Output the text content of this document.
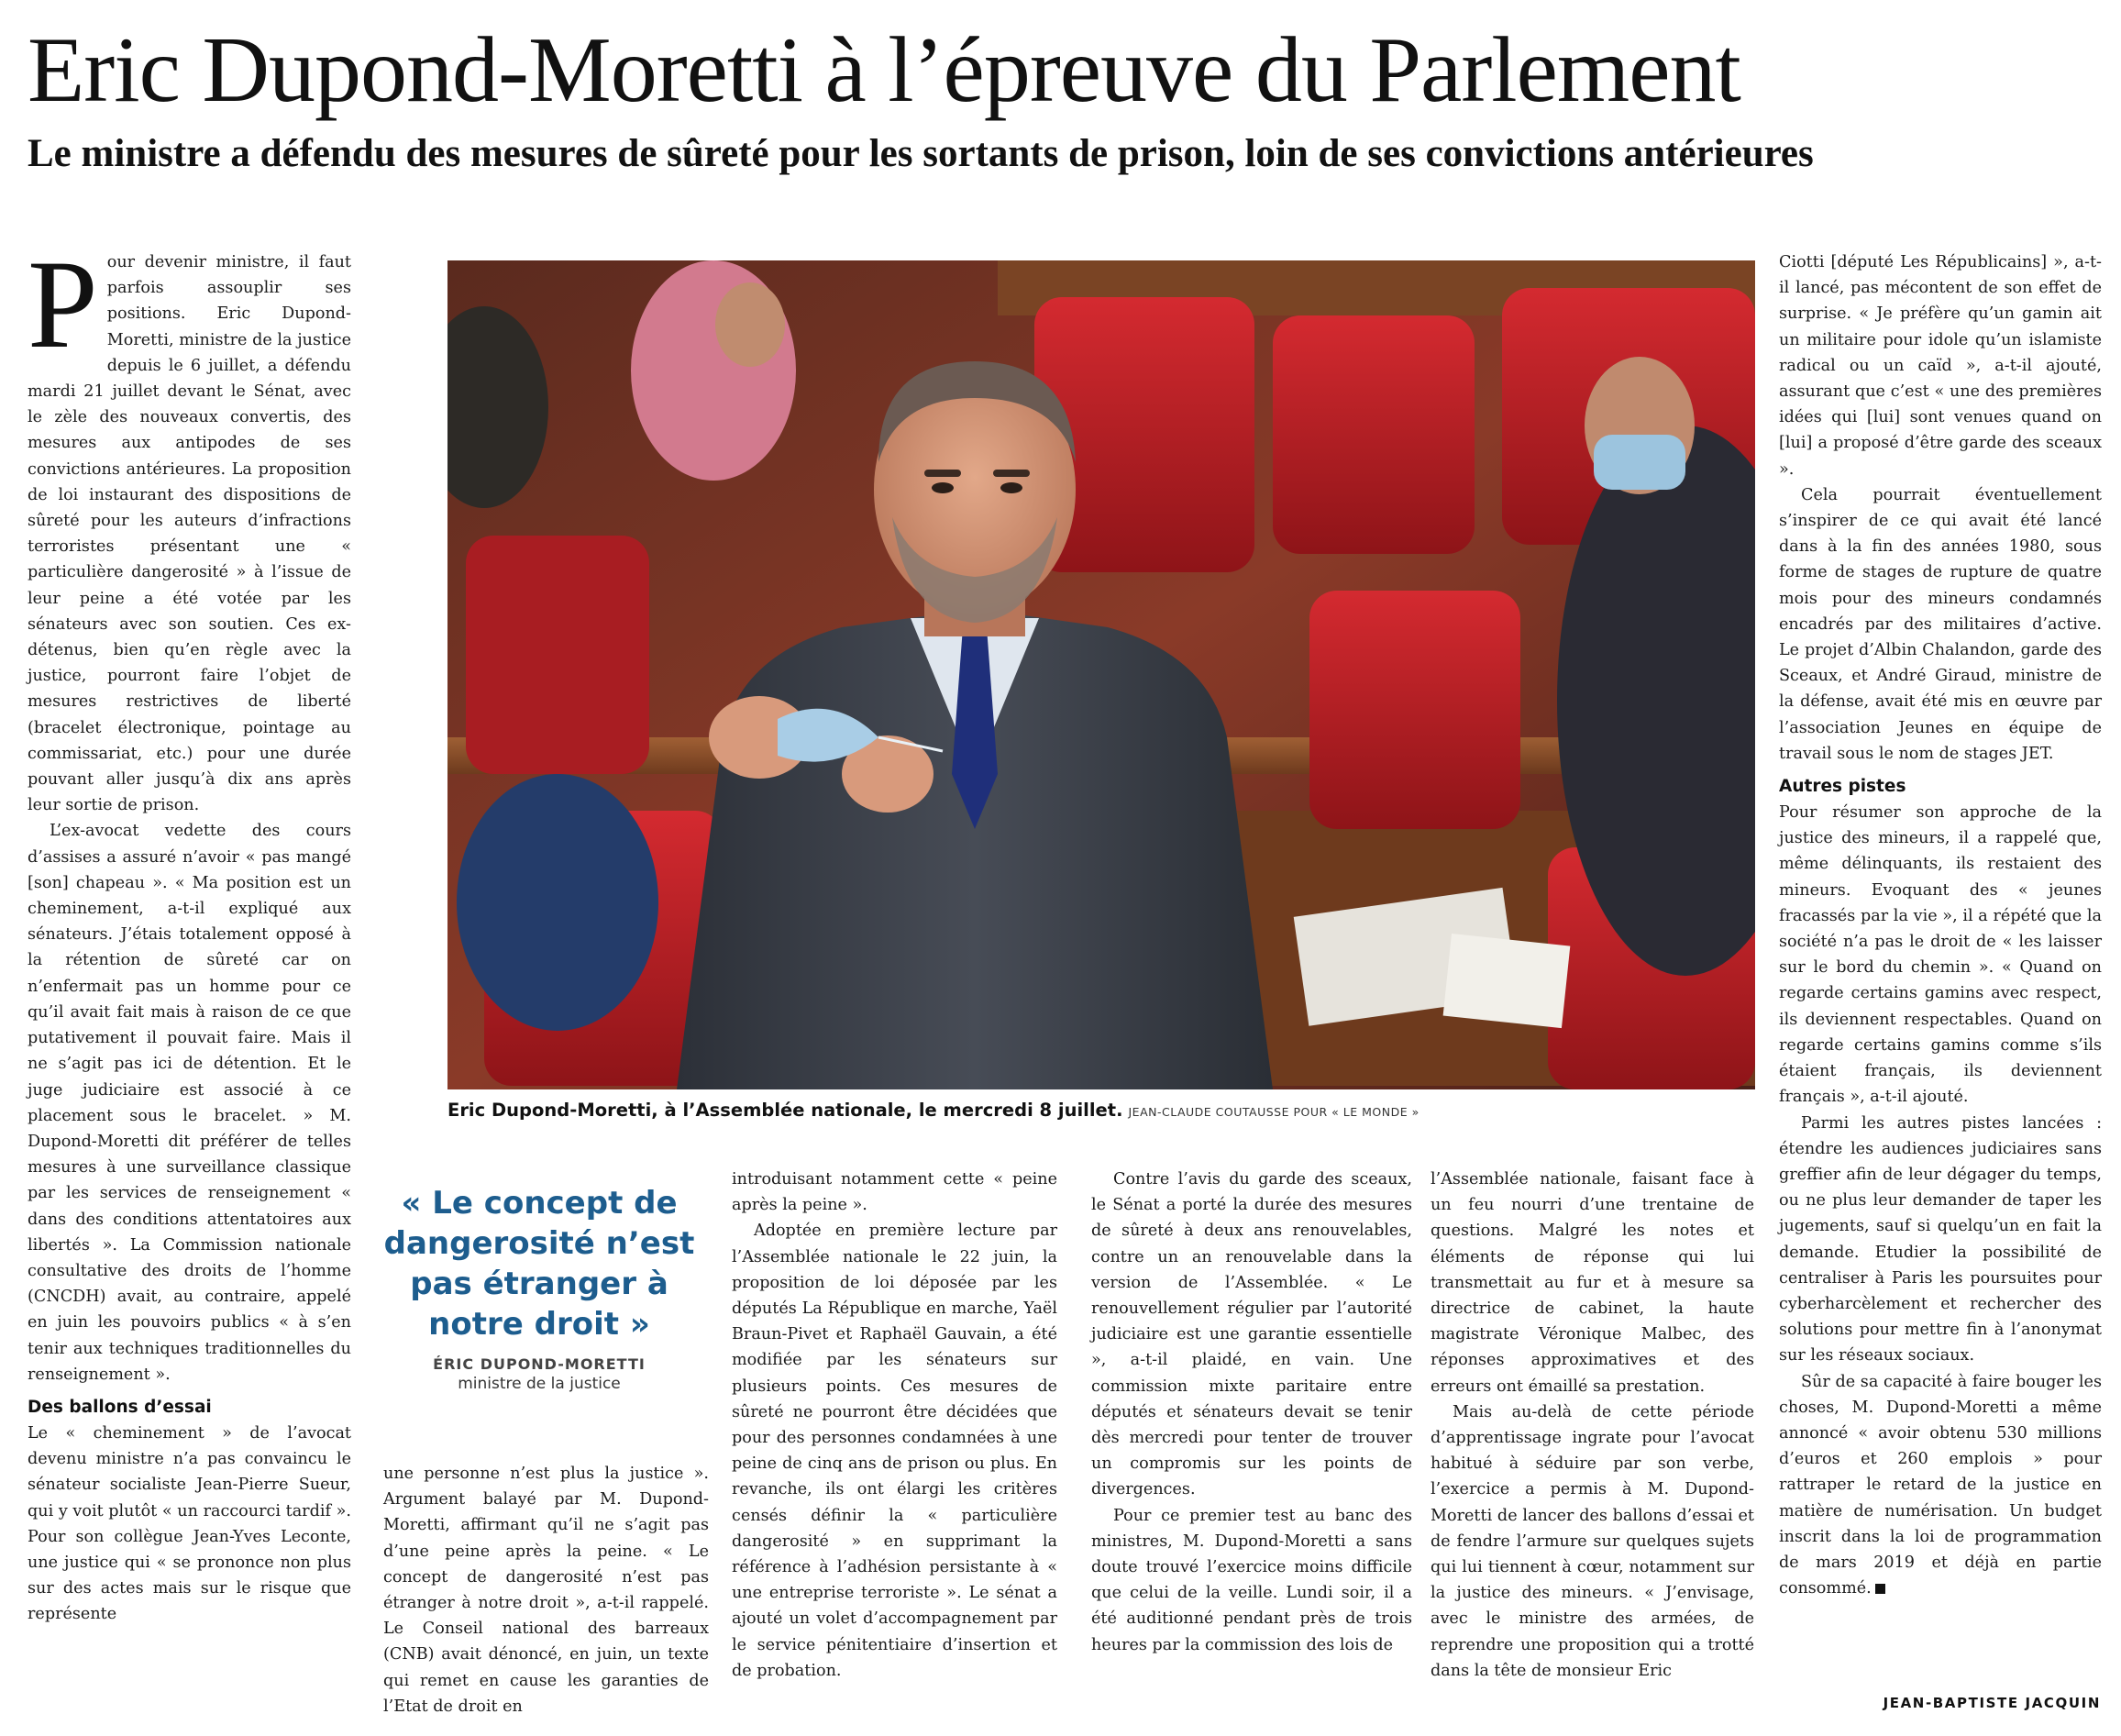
Eric Dupond-Moretti à l’épreuve du Parlement
Le ministre a défendu des mesures de sûreté pour les sortants de prison, loin de ses convictions antérieures

Pour devenir ministre, il faut parfois assouplir ses positions. Eric Dupond-Moretti, ministre de la justice depuis le 6 juillet, a défendu mardi 21 juillet devant le Sénat, avec le zèle des nouveaux convertis, des mesures aux antipodes de ses convictions antérieures. La proposition de loi instaurant des dispositions de sûreté pour les auteurs d’infractions terroristes présentant une « particulière dangerosité » à l’issue de leur peine a été votée par les sénateurs avec son soutien. Ces ex-détenus, bien qu’en règle avec la justice, pourront faire l’objet de mesures restrictives de liberté (bracelet électronique, pointage au commissariat, etc.) pour une durée pouvant aller jusqu’à dix ans après leur sortie de prison.

L’ex-avocat vedette des cours d’assises a assuré n’avoir « pas mangé [son] chapeau ». « Ma position est un cheminement, a-t-il expliqué aux sénateurs. J’étais totalement opposé à la rétention de sûreté car on n’enfermait pas un homme pour ce qu’il avait fait mais à raison de ce que putativement il pouvait faire. Mais il ne s’agit pas ici de détention. Et le juge judiciaire est associé à ce placement sous le bracelet. » M. Dupond-Moretti dit préférer de telles mesures à une surveillance classique par les services de renseignement « dans des conditions attentatoires aux libertés ». La Commission nationale consultative des droits de l’homme (CNCDH) avait, au contraire, appelé en juin les pouvoirs publics « à s’en tenir aux techniques traditionnelles du renseignement ».

Des ballons d’essai

Le « cheminement » de l’avocat devenu ministre n’a pas convaincu le sénateur socialiste Jean-Pierre Sueur, qui y voit plutôt « un raccourci tardif ». Pour son collègue Jean-Yves Leconte, une justice qui « se prononce non plus sur des actes mais sur le risque que représente

Eric Dupond-Moretti, à l’Assemblée nationale, le mercredi 8 juillet. JEAN-CLAUDE COUTAUSSE POUR « LE MONDE »
« Le concept de dangerosité n’est pas étranger à notre droit »
ÉRIC DUPOND-MORETTI
ministre de la justice

une personne n’est plus la justice ». Argument balayé par M. Dupond-Moretti, affirmant qu’il ne s’agit pas d’une peine après la peine. « Le concept de dangerosité n’est pas étranger à notre droit », a-t-il rappelé. Le Conseil national des barreaux (CNB) avait dénoncé, en juin, un texte qui remet en cause les garanties de l’Etat de droit en

introduisant notamment cette « peine après la peine ».

Adoptée en première lecture par l’Assemblée nationale le 22 juin, la proposition de loi déposée par les députés La République en marche, Yaël Braun-Pivet et Raphaël Gauvain, a été modifiée par les sénateurs sur plusieurs points. Ces mesures de sûreté ne pourront être décidées que pour des personnes condamnées à une peine de cinq ans de prison ou plus. En revanche, ils ont élargi les critères censés définir la « particulière dangerosité » en supprimant la référence à l’adhésion persistante à « une entreprise terroriste ». Le sénat a ajouté un volet d’accompagnement par le service pénitentiaire d’insertion et de probation.

Contre l’avis du garde des sceaux, le Sénat a porté la durée des mesures de sûreté à deux ans renouvelables, contre un an renouvelable dans la version de l’Assemblée. « Le renouvellement régulier par l’autorité judiciaire est une garantie essentielle », a-t-il plaidé, en vain. Une commission mixte paritaire entre députés et sénateurs devait se tenir dès mercredi pour tenter de trouver un compromis sur les points de divergences.

Pour ce premier test au banc des ministres, M. Dupond-Moretti a sans doute trouvé l’exercice moins difficile que celui de la veille. Lundi soir, il a été auditionné pendant près de trois heures par la commission des lois de

l’Assemblée nationale, faisant face à un feu nourri d’une trentaine de questions. Malgré les notes et éléments de réponse qui lui transmettait au fur et à mesure sa directrice de cabinet, la haute magistrate Véronique Malbec, des réponses approximatives et des erreurs ont émaillé sa prestation.

Mais au-delà de cette période d’apprentissage ingrate pour l’avocat habitué à séduire par son verbe, l’exercice a permis à M. Dupond-Moretti de lancer des ballons d’essai et de fendre l’armure sur quelques sujets qui lui tiennent à cœur, notamment sur la justice des mineurs. « J’envisage, avec le ministre des armées, de reprendre une proposition qui a trotté dans la tête de monsieur Eric

Ciotti [député Les Républicains] », a-t-il lancé, pas mécontent de son effet de surprise. « Je préfère qu’un gamin ait un militaire pour idole qu’un islamiste radical ou un caïd », a-t-il ajouté, assurant que c’est « une des premières idées qui [lui] sont venues quand on [lui] a proposé d’être garde des sceaux ».

Cela pourrait éventuellement s’inspirer de ce qui avait été lancé dans à la fin des années 1980, sous forme de stages de rupture de quatre mois pour des mineurs condamnés encadrés par des militaires d’active. Le projet d’Albin Chalandon, garde des Sceaux, et André Giraud, ministre de la défense, avait été mis en œuvre par l’association Jeunes en équipe de travail sous le nom de stages JET.

Autres pistes

Pour résumer son approche de la justice des mineurs, il a rappelé que, même délinquants, ils restaient des mineurs. Evoquant des « jeunes fracassés par la vie », il a répété que la société n’a pas le droit de « les laisser sur le bord du chemin ». « Quand on regarde certains gamins avec respect, ils deviennent respectables. Quand on regarde certains gamins comme s’ils étaient français, ils deviennent français », a-t-il ajouté.

Parmi les autres pistes lancées : étendre les audiences judiciaires sans greffier afin de leur dégager du temps, ou ne plus leur demander de taper les jugements, sauf si quelqu’un en fait la demande. Etudier la possibilité de centraliser à Paris les poursuites pour cyberharcèlement et rechercher des solutions pour mettre fin à l’anonymat sur les réseaux sociaux.

Sûr de sa capacité à faire bouger les choses, M. Dupond-Moretti a même annoncé « avoir obtenu 530 millions d’euros et 260 emplois » pour rattraper le retard de la justice en matière de numérisation. Un budget inscrit dans la loi de programmation de mars 2019 et déjà en partie consommé.

JEAN-BAPTISTE JACQUIN
